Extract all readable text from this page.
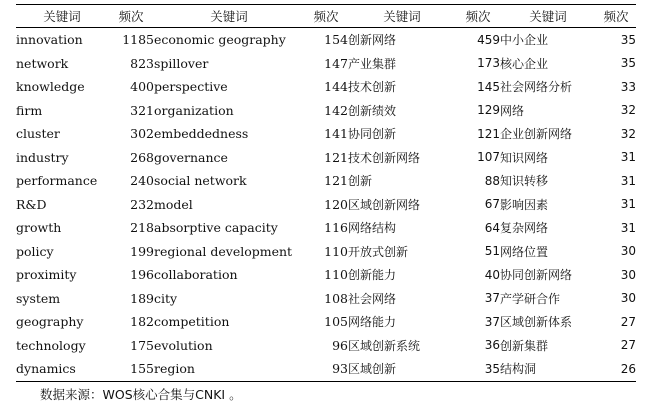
关键词	频次	关键词	频次	关键词	频次	关键词	频次
innovation	1185	economic geography	154	创新网络	459	中小企业	35
network	823	spillover	147	产业集群	173	核心企业	35
knowledge	400	perspective	144	技术创新	145	社会网络分析	33
firm	321	organization	142	创新绩效	129	网络	32
cluster	302	embeddedness	141	协同创新	121	企业创新网络	32
industry	268	governance	121	技术创新网络	107	知识网络	31
performance	240	social network	121	创新	88	知识转移	31
R&D	232	model	120	区域创新网络	67	影响因素	31
growth	218	absorptive capacity	116	网络结构	64	复杂网络	31
policy	199	regional development	110	开放式创新	51	网络位置	30
proximity	196	collaboration	110	创新能力	40	协同创新网络	30
system	189	city	108	社会网络	37	产学研合作	30
geography	182	competition	105	网络能力	37	区域创新体系	27
technology	175	evolution	96	区域创新系统	36	创新集群	27
dynamics	155	region	93	区域创新	35	结构洞	26
数据来源：WOS核心合集与CNKI 。
